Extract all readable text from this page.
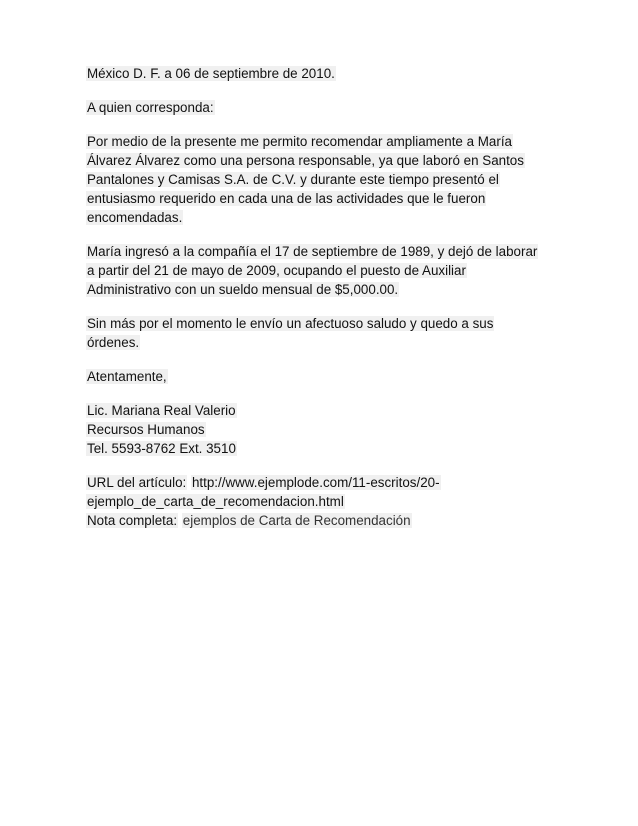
México D. F. a 06 de septiembre de 2010.

A quien corresponda:

Por medio de la presente me permito recomendar ampliamente a María
Álvarez Álvarez como una persona responsable, ya que laboró en Santos
Pantalones y Camisas S.A. de C.V. y durante este tiempo presentó el
entusiasmo requerido en cada una de las actividades que le fueron
encomendadas.

María ingresó a la compañía el 17 de septiembre de 1989, y dejó de laborar
a partir del 21 de mayo de 2009, ocupando el puesto de Auxiliar
Administrativo con un sueldo mensual de $5,000.00.

Sin más por el momento le envío un afectuoso saludo y quedo a sus
órdenes.

Atentamente,

Lic. Mariana Real Valerio
Recursos Humanos
Tel. 5593-8762 Ext. 3510

URL del artículo: http://www.ejemplode.com/11-escritos/20-
ejemplo_de_carta_de_recomendacion.html
Nota completa: ejemplos de Carta de Recomendación
